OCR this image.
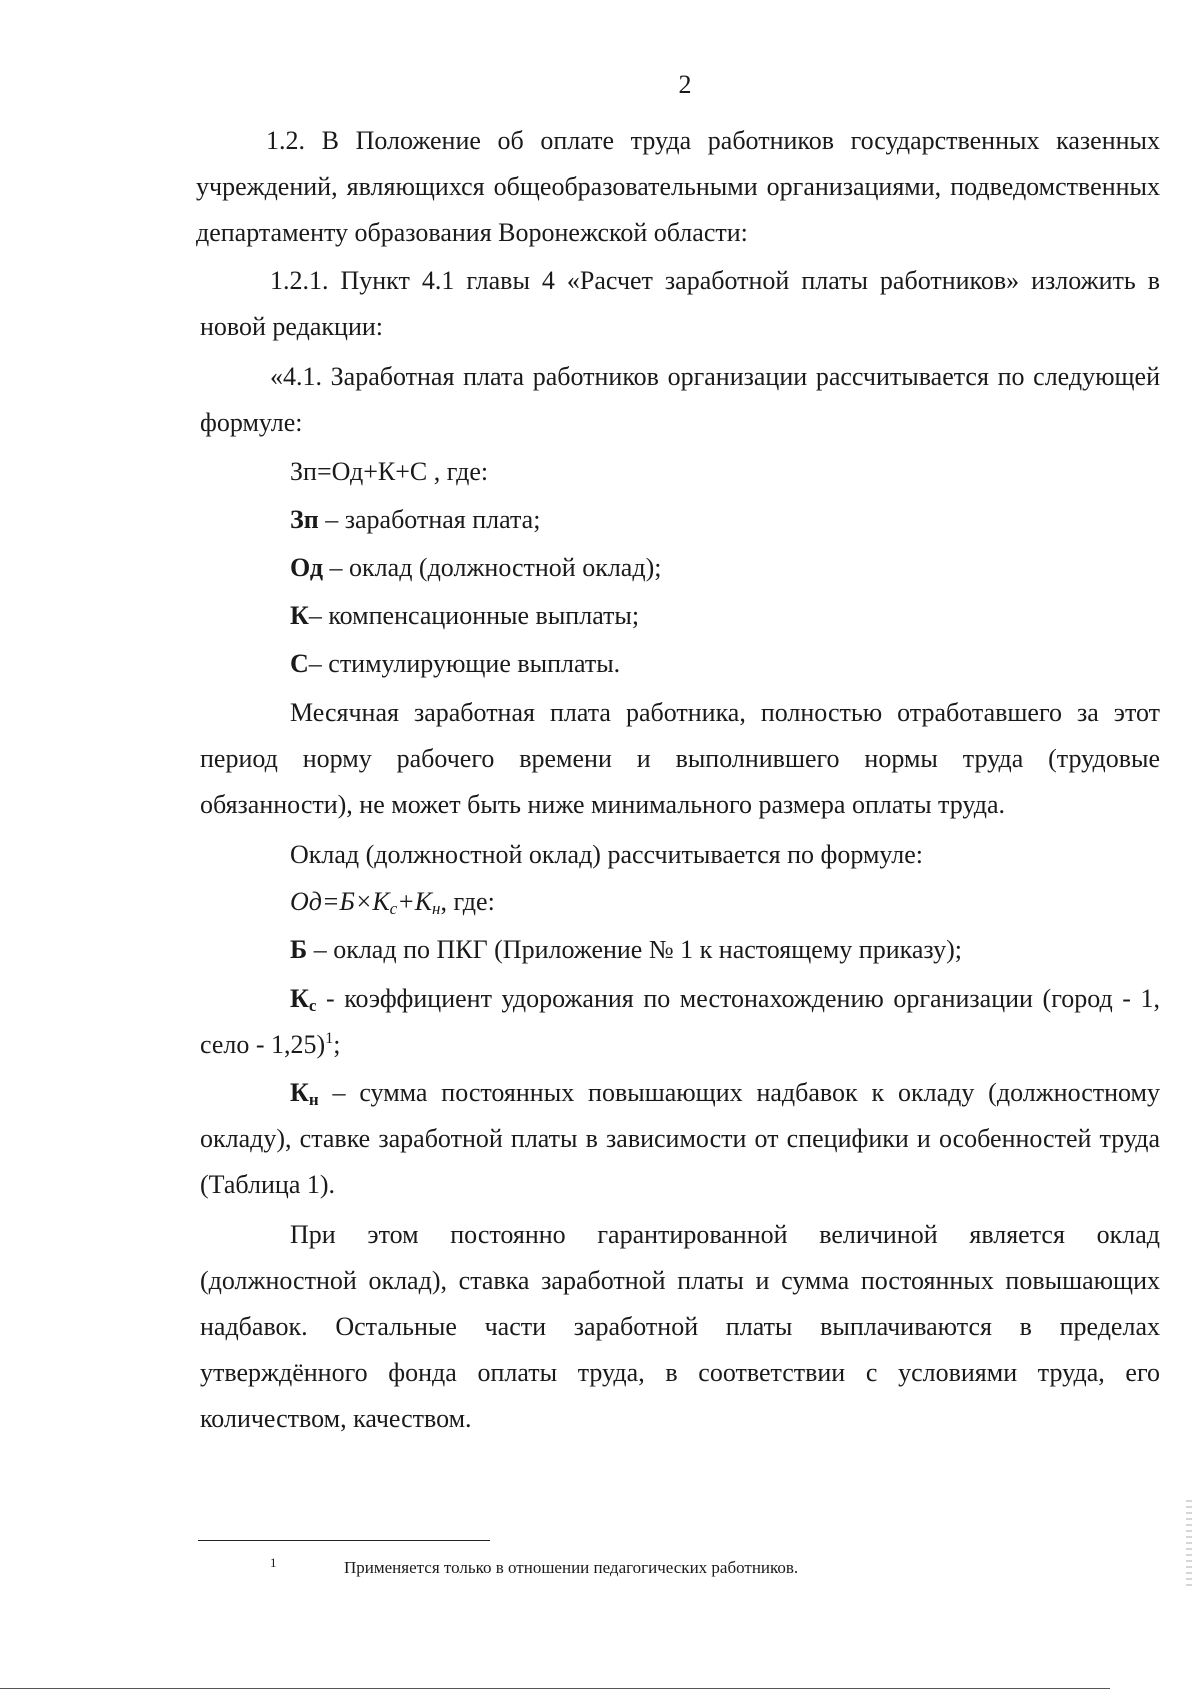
2

1.2. В Положение об оплате труда работников государственных казенных учреждений, являющихся общеобразовательными организациями, подведомственных департаменту образования Воронежской области:

1.2.1. Пункт 4.1 главы 4 «Расчет заработной платы работников» изложить в новой редакции:

«4.1. Заработная плата работников организации рассчитывается по следующей формуле:

Зп=Од+К+С , где:

Зп – заработная плата;

Од – оклад (должностной оклад);

К– компенсационные выплаты;

С– стимулирующие выплаты.

Месячная заработная плата работника, полностью отработавшего за этот период норму рабочего времени и выполнившего нормы труда (трудовые обязанности), не может быть ниже минимального размера оплаты труда.

Оклад (должностной оклад) рассчитывается по формуле:

$Од=Б\times К_с+К_н$, где:

Б – оклад по ПКГ (Приложение № 1 к настоящему приказу);

$К_с$ - коэффициент удорожания по местонахождению организации (город - 1, село - 1,25)$^1$;

$К_н$ – сумма постоянных повышающих надбавок к окладу (должностному окладу), ставке заработной платы в зависимости от специфики и особенностей труда (Таблица 1).

При этом постоянно гарантированной величиной является оклад (должностной оклад), ставка заработной платы и сумма постоянных повышающих надбавок. Остальные части заработной платы выплачиваются в пределах утверждённого фонда оплаты труда, в соответствии с условиями труда, его количеством, качеством.

1	Применяется только в отношении педагогических работников.
